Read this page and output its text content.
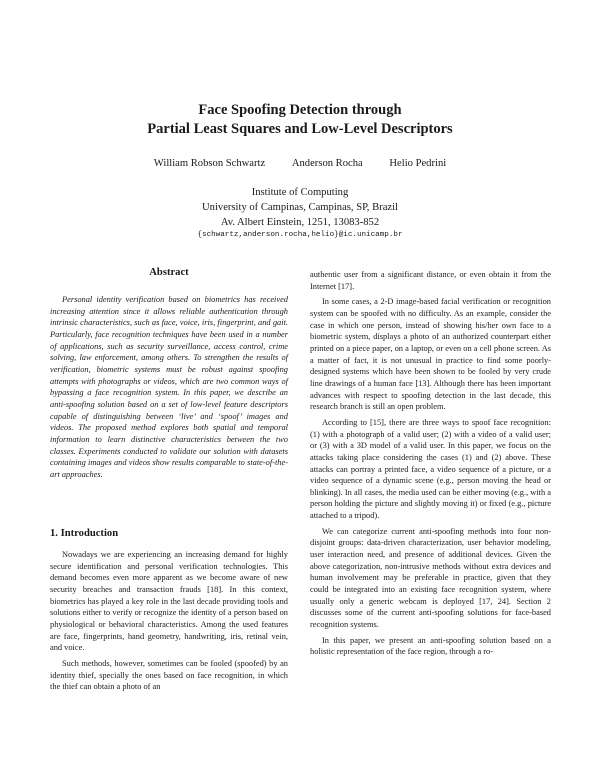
Face Spoofing Detection through
Partial Least Squares and Low-Level Descriptors
William Robson Schwartz	Anderson Rocha	Helio Pedrini
Institute of Computing
University of Campinas, Campinas, SP, Brazil
Av. Albert Einstein, 1251, 13083-852
{schwartz,anderson.rocha,helio}@ic.unicamp.br
Abstract

Personal identity verification based on biometrics has received increasing attention since it allows reliable authentication through intrinsic characteristics, such as face, voice, iris, fingerprint, and gait. Particularly, face recognition techniques have been used in a number of applications, such as security surveillance, access control, crime solving, law enforcement, among others. To strengthen the results of verification, biometric systems must be robust against spoofing attempts with photographs or videos, which are two common ways of bypassing a face recognition system. In this paper, we describe an anti-spoofing solution based on a set of low-level feature descriptors capable of distinguishing between ‘live’ and ‘spoof’ images and videos. The proposed method explores both spatial and temporal information to learn distinctive characteristics between the two classes. Experiments conducted to validate our solution with datasets containing images and videos show results comparable to state-of-the-art approaches.

1. Introduction

Nowadays we are experiencing an increasing demand for highly secure identification and personal verification technologies. This demand becomes even more apparent as we become aware of new security breaches and transaction frauds [18]. In this context, biometrics has played a key role in the last decade providing tools and solutions either to verify or recognize the identity of a person based on physiological or behavioral characteristics. Among the used features are face, fingerprints, hand geometry, handwriting, iris, retinal vein, and voice.

Such methods, however, sometimes can be fooled (spoofed) by an identity thief, specially the ones based on face recognition, in which the thief can obtain a photo of an

authentic user from a significant distance, or even obtain it from the Internet [17].

In some cases, a 2-D image-based facial verification or recognition system can be spoofed with no difficulty. As an example, consider the case in which one person, instead of showing his/her own face to a biometric system, displays a photo of an authorized counterpart either printed on a piece paper, on a laptop, or even on a cell phone screen. As a matter of fact, it is not unusual in practice to find some poorly-designed systems which have been shown to be fooled by very crude line drawings of a human face [13]. Although there has been important advances with respect to spoofing detection in the last decade, this research branch is still an open problem.

According to [15], there are three ways to spoof face recognition: (1) with a photograph of a valid user; (2) with a video of a valid user; or (3) with a 3D model of a valid user. In this paper, we focus on the attacks taking place considering the cases (1) and (2) above. These attacks can portray a printed face, a video sequence of a picture, or a video sequence of a dynamic scene (e.g., person moving the head or blinking). In all cases, the media used can be either moving (e.g., with a person holding the picture and slightly moving it) or fixed (e.g., picture attached to a tripod).

We can categorize current anti-spoofing methods into four non-disjoint groups: data-driven characterization, user behavior modeling, user interaction need, and presence of additional devices. Given the above categorization, non-intrusive methods without extra devices and human involvement may be preferable in practice, given that they could be integrated into an existing face recognition system, where usually only a generic webcam is deployed [17, 24]. Section 2 discusses some of the current anti-spoofing solutions for face-based recognition systems.

In this paper, we present an anti-spoofing solution based on a holistic representation of the face region, through a ro-
